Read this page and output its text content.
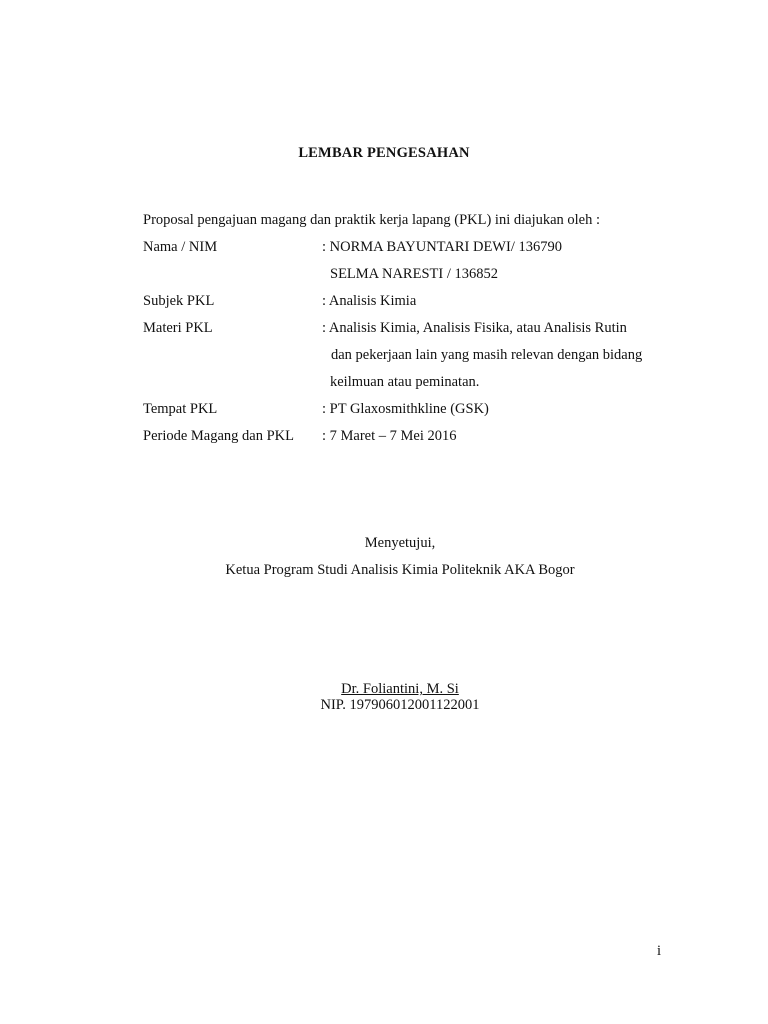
LEMBAR PENGESAHAN
Proposal pengajuan magang dan praktik kerja lapang (PKL) ini diajukan oleh :
Nama / NIM	: NORMA BAYUNTARI DEWI/ 136790
SELMA NARESTI / 136852
Subjek PKL	: Analisis Kimia
Materi PKL	: Analisis Kimia, Analisis Fisika, atau Analisis Rutin
dan pekerjaan lain yang masih relevan dengan bidang
keilmuan atau peminatan.
Tempat PKL	: PT Glaxosmithkline (GSK)
Periode Magang dan PKL : 7 Maret – 7 Mei 2016
Menyetujui,
Ketua Program Studi Analisis Kimia Politeknik AKA Bogor
Dr. Foliantini, M. Si
NIP. 197906012001122001
i
